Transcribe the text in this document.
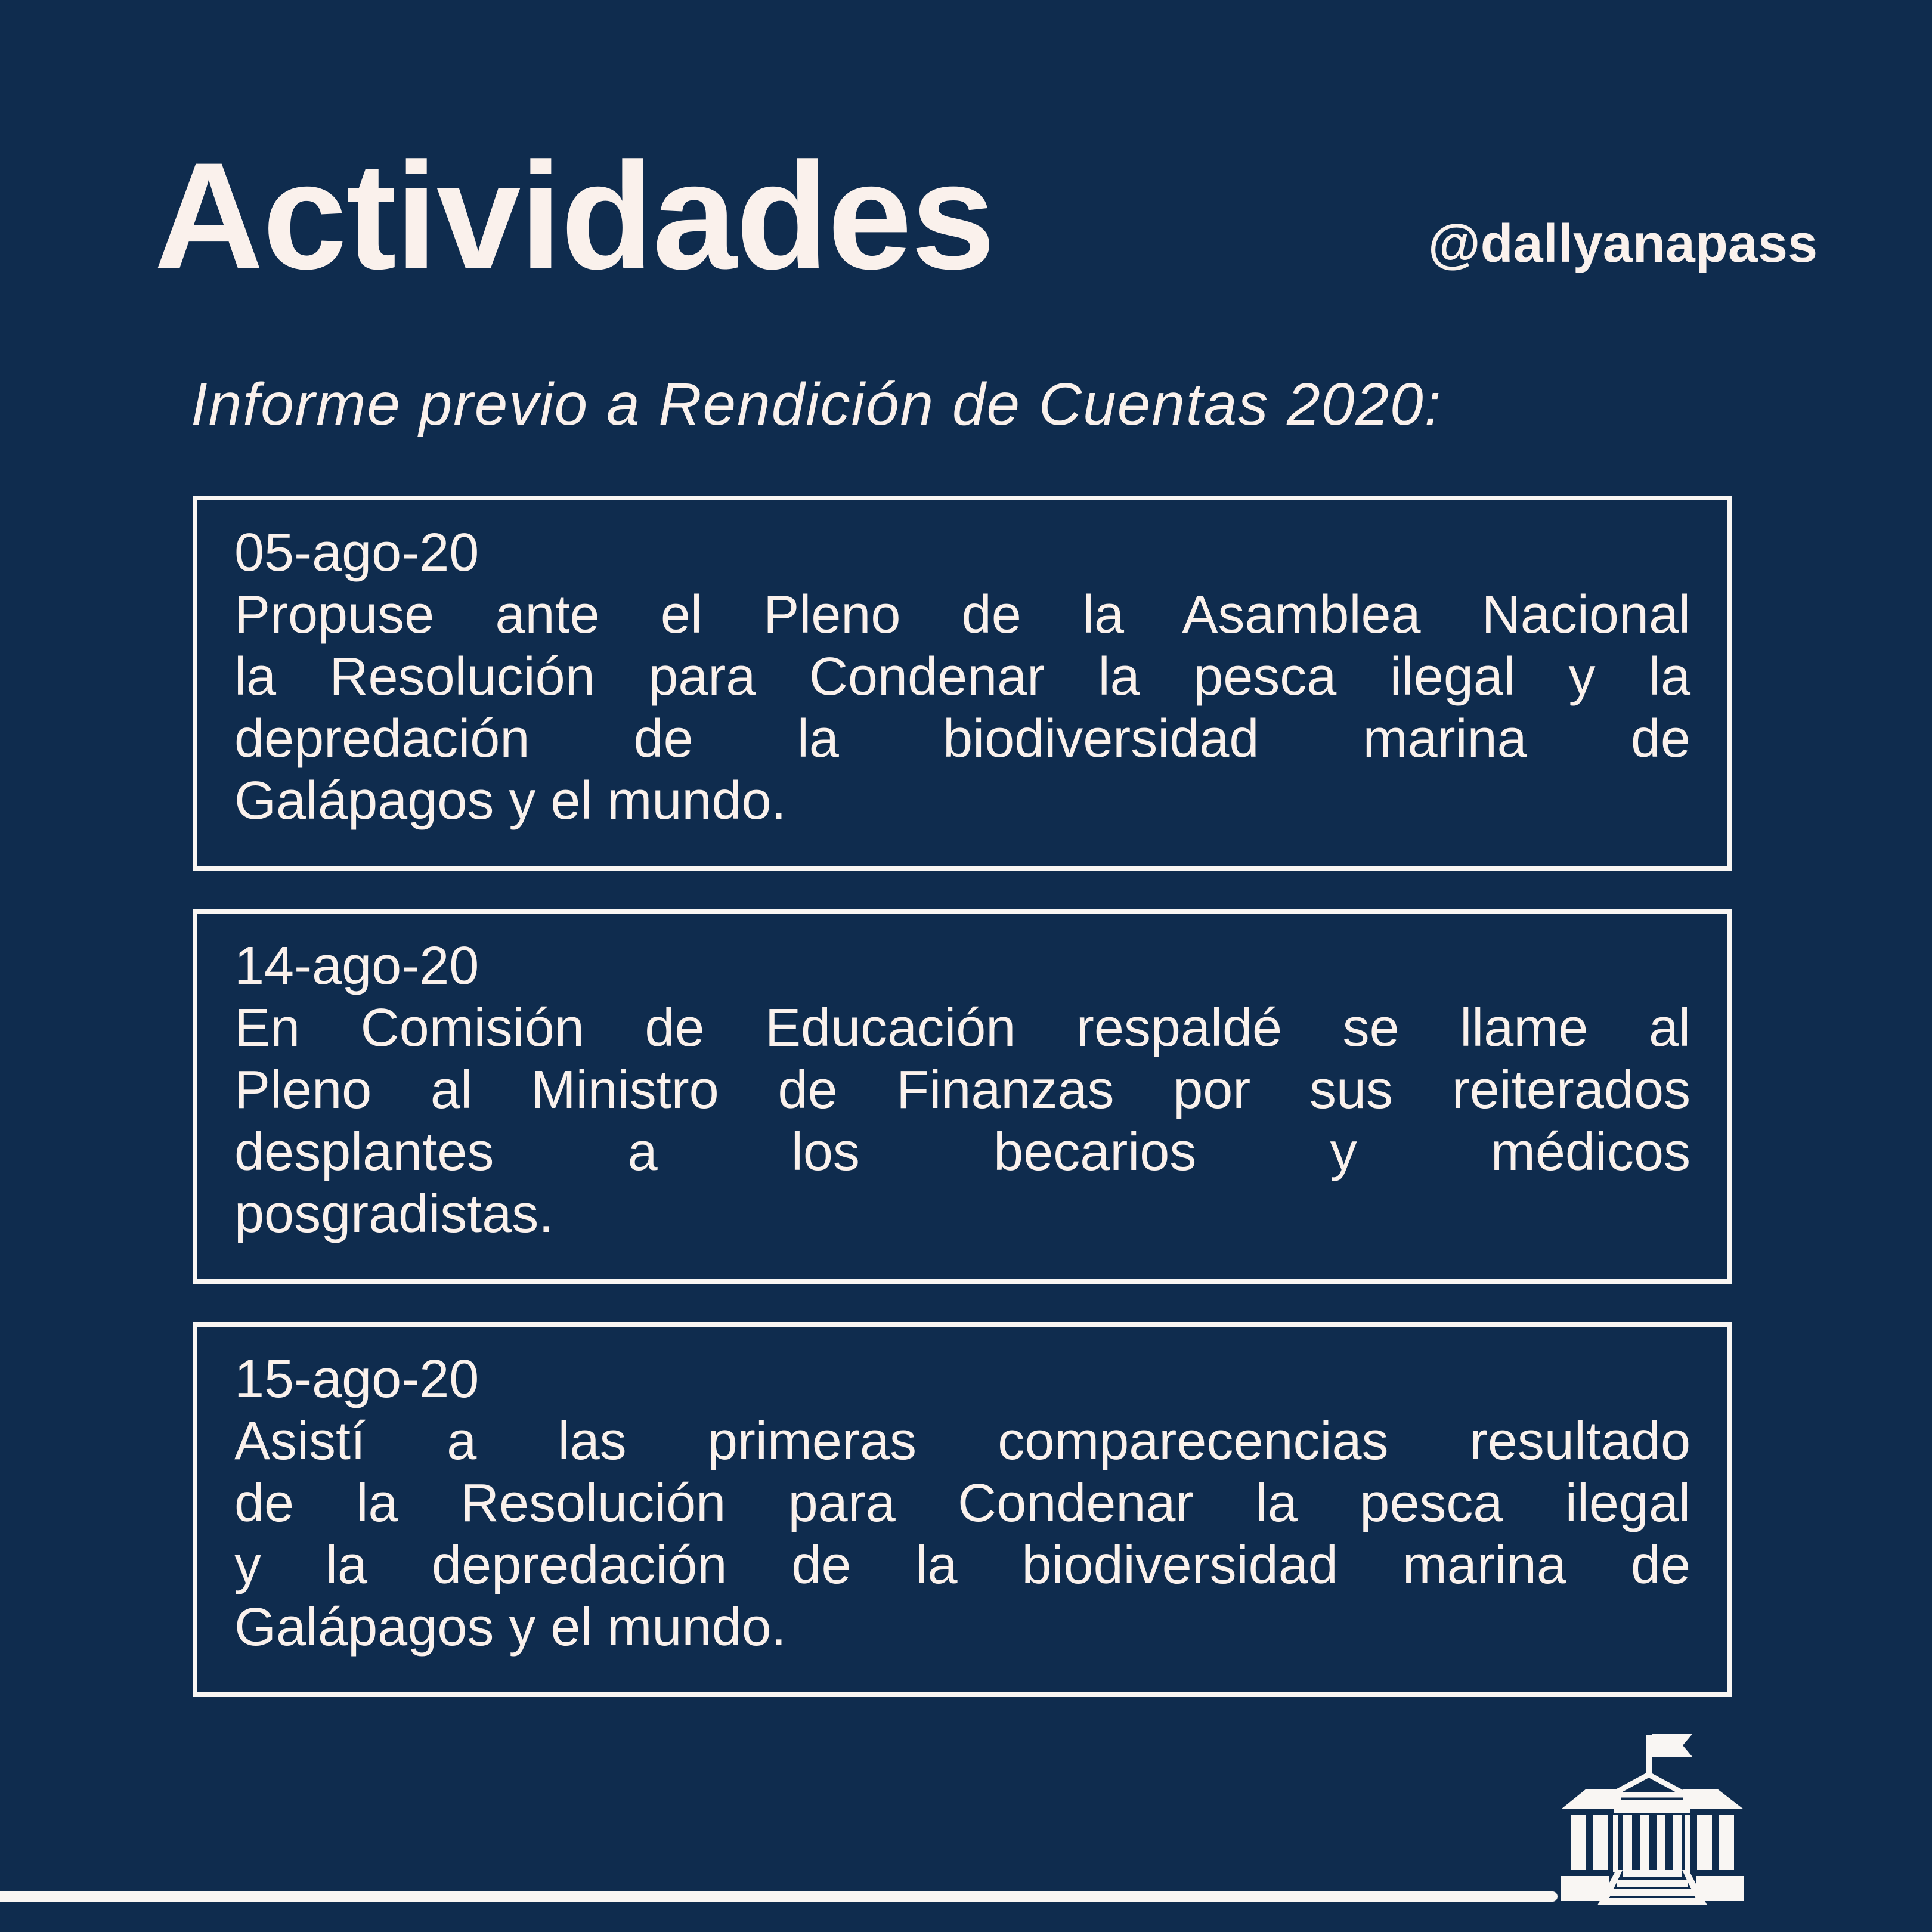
Actividades	@dallyanapass
Informe previo a Rendición de Cuentas 2020:
05-ago-20
Propuse ante el Pleno de la Asamblea Nacional
la Resolución para Condenar la pesca ilegal y la
depredación de la biodiversidad marina de
Galápagos y el mundo.
14-ago-20
En Comisión de Educación respaldé se llame al
Pleno al Ministro de Finanzas por sus reiterados
desplantes a los becarios y médicos
posgradistas.
15-ago-20
Asistí a las primeras comparecencias resultado
de la Resolución para Condenar la pesca ilegal
y la depredación de la biodiversidad marina de
Galápagos y el mundo.
